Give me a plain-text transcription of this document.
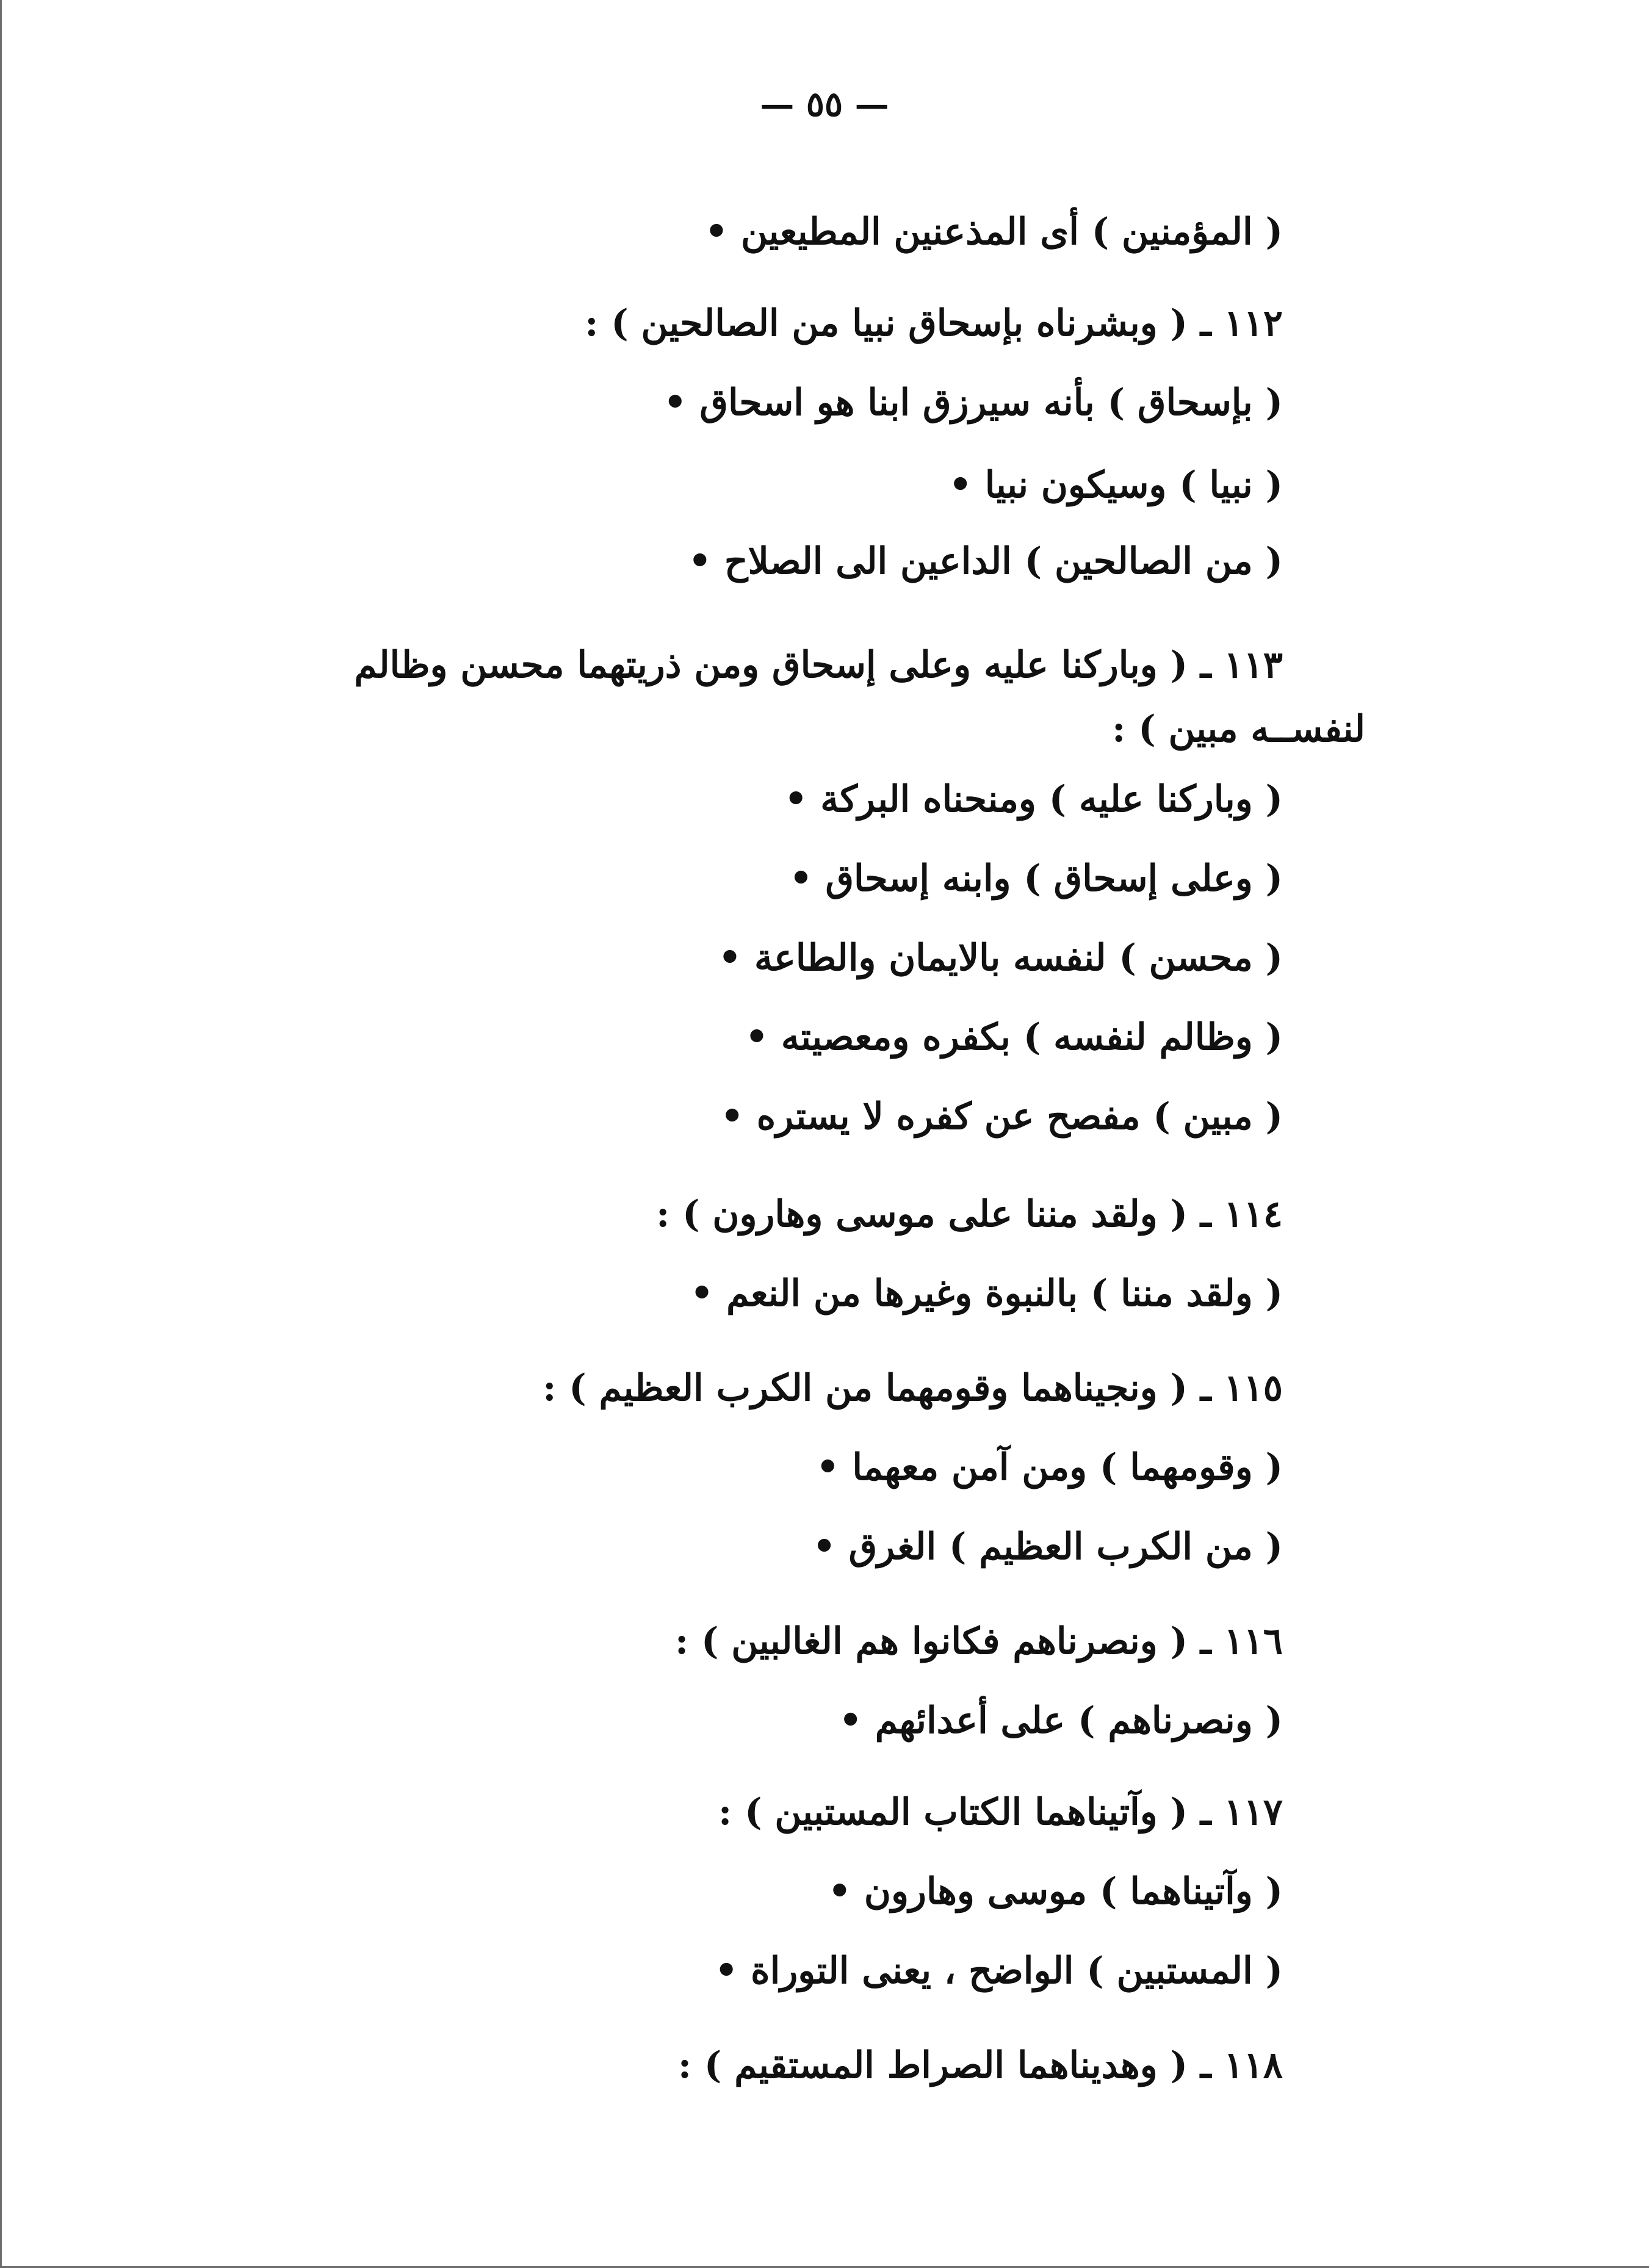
— ٥٥ —
( المؤمنين ) أى المذعنين المطيعين •
١١٢ ـ ( وبشرناه بإسحاق نبيا من الصالحين ) :
( بإسحاق ) بأنه سيرزق ابنا هو اسحاق •
( نبيا ) وسيكون نبيا •
( من الصالحين ) الداعين الى الصلاح •
١١٣ ـ ( وباركنا عليه وعلى إسحاق ومن ذريتهما محسن وظالم
لنفســه مبين ) :
( وباركنا عليه ) ومنحناه البركة •
( وعلى إسحاق ) وابنه إسحاق •
( محسن ) لنفسه بالايمان والطاعة •
( وظالم لنفسه ) بكفره ومعصيته •
( مبين ) مفصح عن كفره لا يستره •
١١٤ ـ ( ولقد مننا على موسى وهارون ) :
( ولقد مننا ) بالنبوة وغيرها من النعم •
١١٥ ـ ( ونجيناهما وقومهما من الكرب العظيم ) :
( وقومهما ) ومن آمن معهما •
( من الكرب العظيم ) الغرق •
١١٦ ـ ( ونصرناهم فكانوا هم الغالبين ) :
( ونصرناهم ) على أعدائهم •
١١٧ ـ ( وآتيناهما الكتاب المستبين ) :
( وآتيناهما ) موسى وهارون •
( المستبين ) الواضح ، يعنى التوراة •
١١٨ ـ ( وهديناهما الصراط المستقيم ) :
